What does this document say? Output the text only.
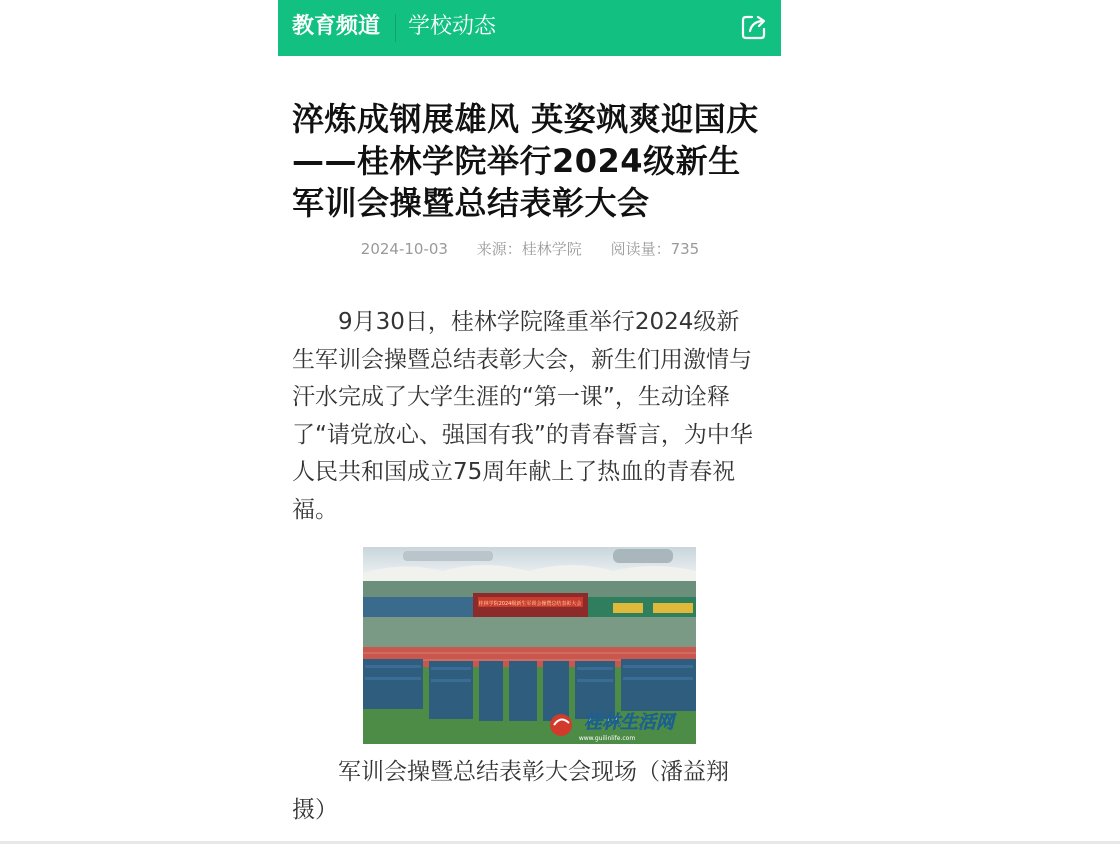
教育频道 学校动态
淬炼成钢展雄风 英姿飒爽迎国庆——桂林学院举行2024级新生军训会操暨总结表彰大会
2024-10-03 来源：桂林学院 阅读量：735

9月30日，桂林学院隆重举行2024级新生军训会操暨总结表彰大会，新生们用激情与汗水完成了大学生涯的“第一课”，生动诠释了“请党放心、强国有我”的青春誓言，为中华人民共和国成立75周年献上了热血的青春祝福。

桂林学院2024级新生军训会操暨总结表彰大会
桂林生活网
www.guilinlife.com

军训会操暨总结表彰大会现场（潘益翔摄）
